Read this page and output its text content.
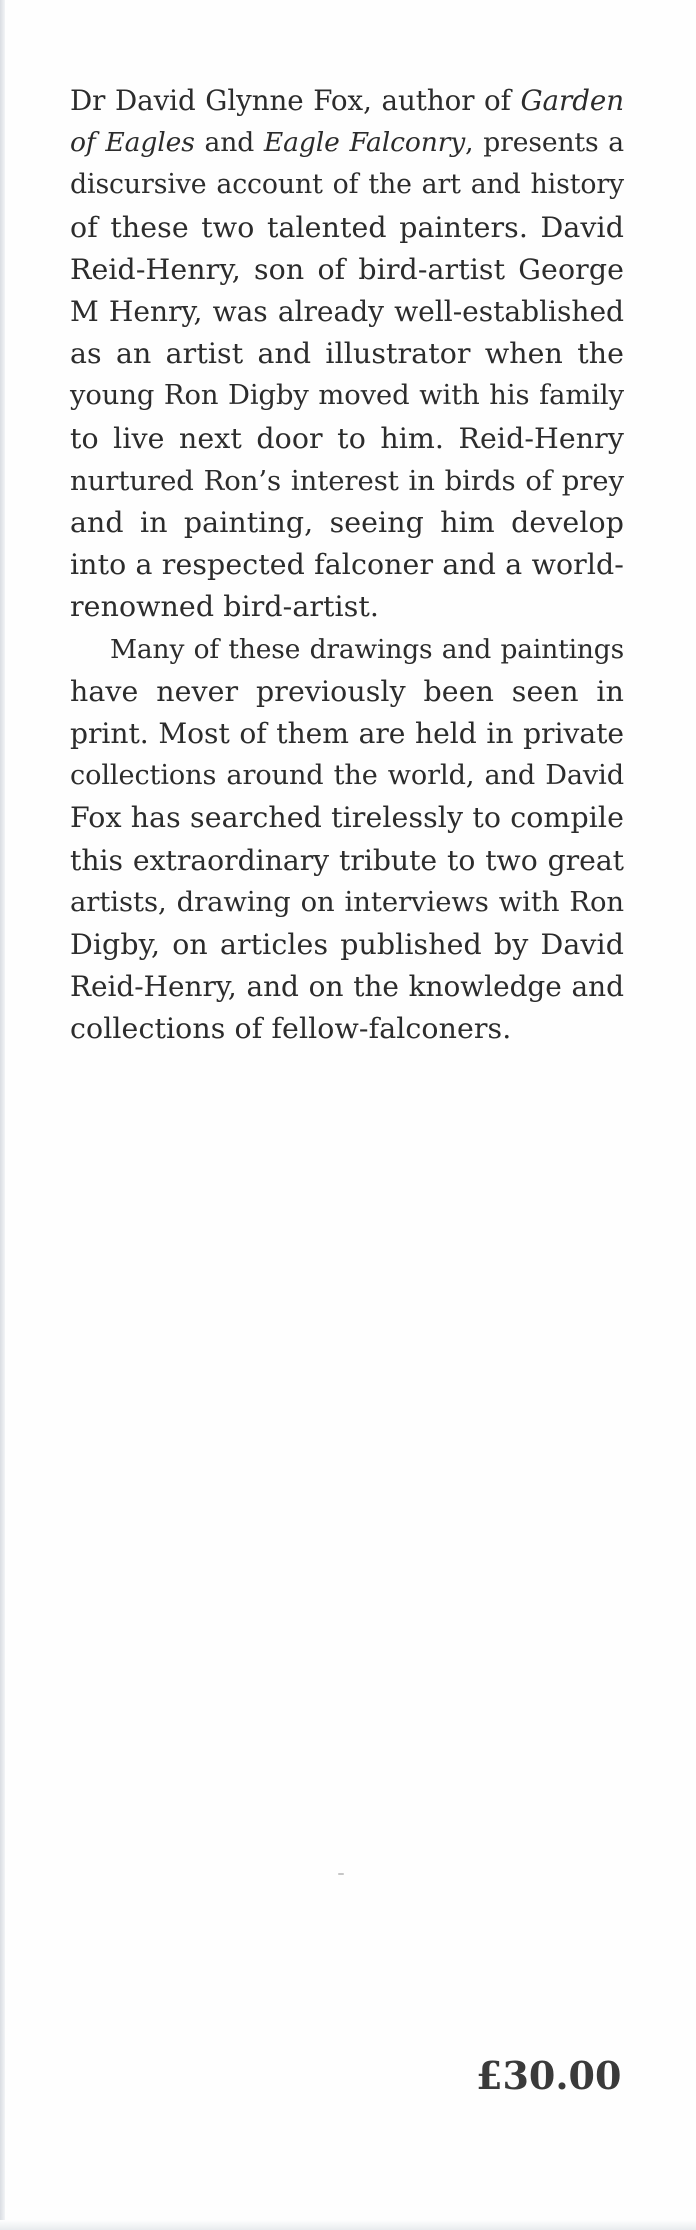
Dr David Glynne Fox, author of Garden
of Eagles and Eagle Falconry, presents a
discursive account of the art and history
of these two talented painters. David
Reid-Henry, son of bird-artist George
M Henry, was already well-established
as an artist and illustrator when the
young Ron Digby moved with his family
to live next door to him. Reid-Henry
nurtured Ron’s interest in birds of prey
and in painting, seeing him develop
into a respected falconer and a world-
renowned bird-artist.

Many of these drawings and paintings
have never previously been seen in
print. Most of them are held in private
collections around the world, and David
Fox has searched tirelessly to compile
this extraordinary tribute to two great
artists, drawing on interviews with Ron
Digby, on articles published by David
Reid-Henry, and on the knowledge and
collections of fellow-falconers.

£30.00
